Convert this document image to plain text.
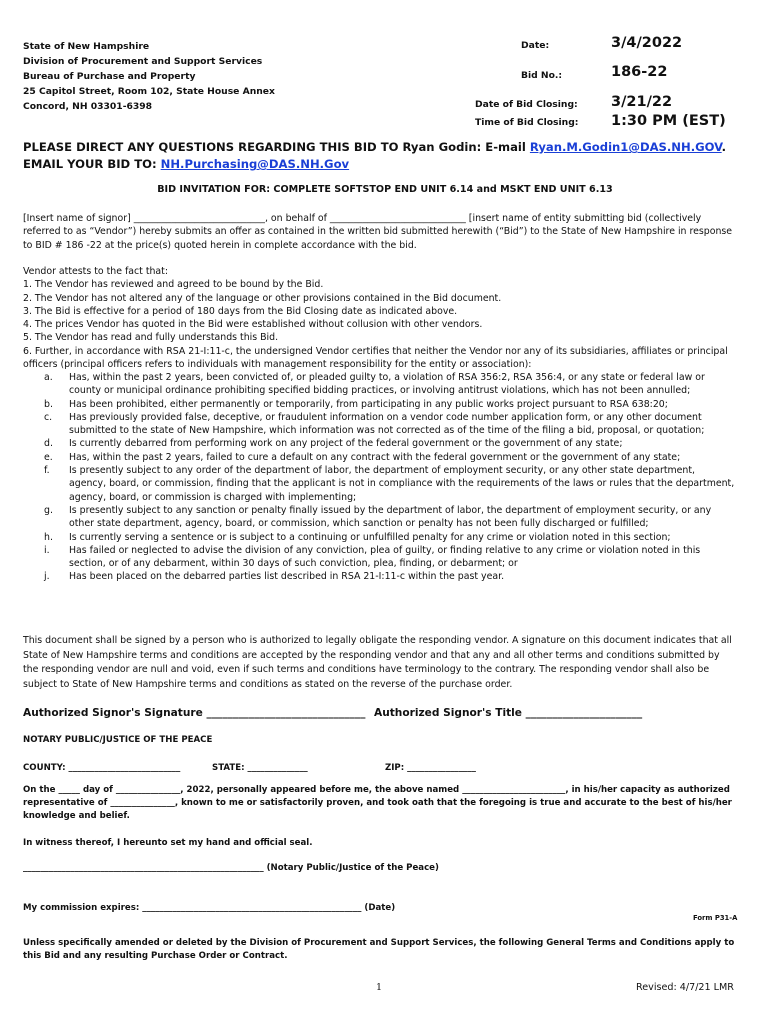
State of New Hampshire
Division of Procurement and Support Services
Bureau of Purchase and Property
25 Capitol Street, Room 102, State House Annex
Concord, NH 03301-6398
Date:	3/4/2022
Bid No.:	186-22
Date of Bid Closing: 3/21/22
Time of Bid Closing: 1:30 PM (EST)
PLEASE DIRECT ANY QUESTIONS REGARDING THIS BID TO Ryan Godin: E-mail Ryan.M.Godin1@DAS.NH.GOV.
EMAIL YOUR BID TO: NH.Purchasing@DAS.NH.Gov
BID INVITATION FOR: COMPLETE SOFTSTOP END UNIT 6.14 and MSKT END UNIT 6.13
[Insert name of signor] ____________________________, on behalf of _____________________________ [insert name of entity submitting bid (collectively referred to as “Vendor”) hereby submits an offer as contained in the written bid submitted herewith (“Bid”) to the State of New Hampshire in response to BID # 186 -22 at the price(s) quoted herein in complete accordance with the bid.
Vendor attests to the fact that:
1. The Vendor has reviewed and agreed to be bound by the Bid.
2. The Vendor has not altered any of the language or other provisions contained in the Bid document.
3. The Bid is effective for a period of 180 days from the Bid Closing date as indicated above.
4. The prices Vendor has quoted in the Bid were established without collusion with other vendors.
5. The Vendor has read and fully understands this Bid.
6. Further, in accordance with RSA 21-I:11-c, the undersigned Vendor certifies that neither the Vendor nor any of its subsidiaries, affiliates or principal officers (principal officers refers to individuals with management responsibility for the entity or association):
a. Has, within the past 2 years, been convicted of, or pleaded guilty to, a violation of RSA 356:2, RSA 356:4, or any state or federal law or county or municipal ordinance prohibiting specified bidding practices, or involving antitrust violations, which has not been annulled;
b. Has been prohibited, either permanently or temporarily, from participating in any public works project pursuant to RSA 638:20;
c. Has previously provided false, deceptive, or fraudulent information on a vendor code number application form, or any other document submitted to the state of New Hampshire, which information was not corrected as of the time of the filing a bid, proposal, or quotation;
d. Is currently debarred from performing work on any project of the federal government or the government of any state;
e. Has, within the past 2 years, failed to cure a default on any contract with the federal government or the government of any state;
f. Is presently subject to any order of the department of labor, the department of employment security, or any other state department, agency, board, or commission, finding that the applicant is not in compliance with the requirements of the laws or rules that the department, agency, board, or commission is charged with implementing;
g. Is presently subject to any sanction or penalty finally issued by the department of labor, the department of employment security, or any other state department, agency, board, or commission, which sanction or penalty has not been fully discharged or fulfilled;
h. Is currently serving a sentence or is subject to a continuing or unfulfilled penalty for any crime or violation noted in this section;
i. Has failed or neglected to advise the division of any conviction, plea of guilty, or finding relative to any crime or violation noted in this section, or of any debarment, within 30 days of such conviction, plea, finding, or debarment; or
j. Has been placed on the debarred parties list described in RSA 21-I:11-c within the past year.
This document shall be signed by a person who is authorized to legally obligate the responding vendor. A signature on this document indicates that all State of New Hampshire terms and conditions are accepted by the responding vendor and that any and all other terms and conditions submitted by the responding vendor are null and void, even if such terms and conditions have terminology to the contrary. The responding vendor shall also be subject to State of New Hampshire terms and conditions as stated on the reverse of the purchase order.
Authorized Signor's Signature ______________________________ Authorized Signor's Title ______________________
NOTARY PUBLIC/JUSTICE OF THE PEACE
COUNTY: __________________________	STATE: ______________	ZIP: ________________
On the _____ day of _______________, 2022, personally appeared before me, the above named ________________________, in his/her capacity as authorized representative of _______________, known to me or satisfactorily proven, and took oath that the foregoing is true and accurate to the best of his/her knowledge and belief.
In witness thereof, I hereunto set my hand and official seal.
________________________________________________________ (Notary Public/Justice of the Peace)
My commission expires: ___________________________________________________ (Date)
Form P31-A
Unless specifically amended or deleted by the Division of Procurement and Support Services, the following General Terms and Conditions apply to this Bid and any resulting Purchase Order or Contract.
1	Revised: 4/7/21 LMR
